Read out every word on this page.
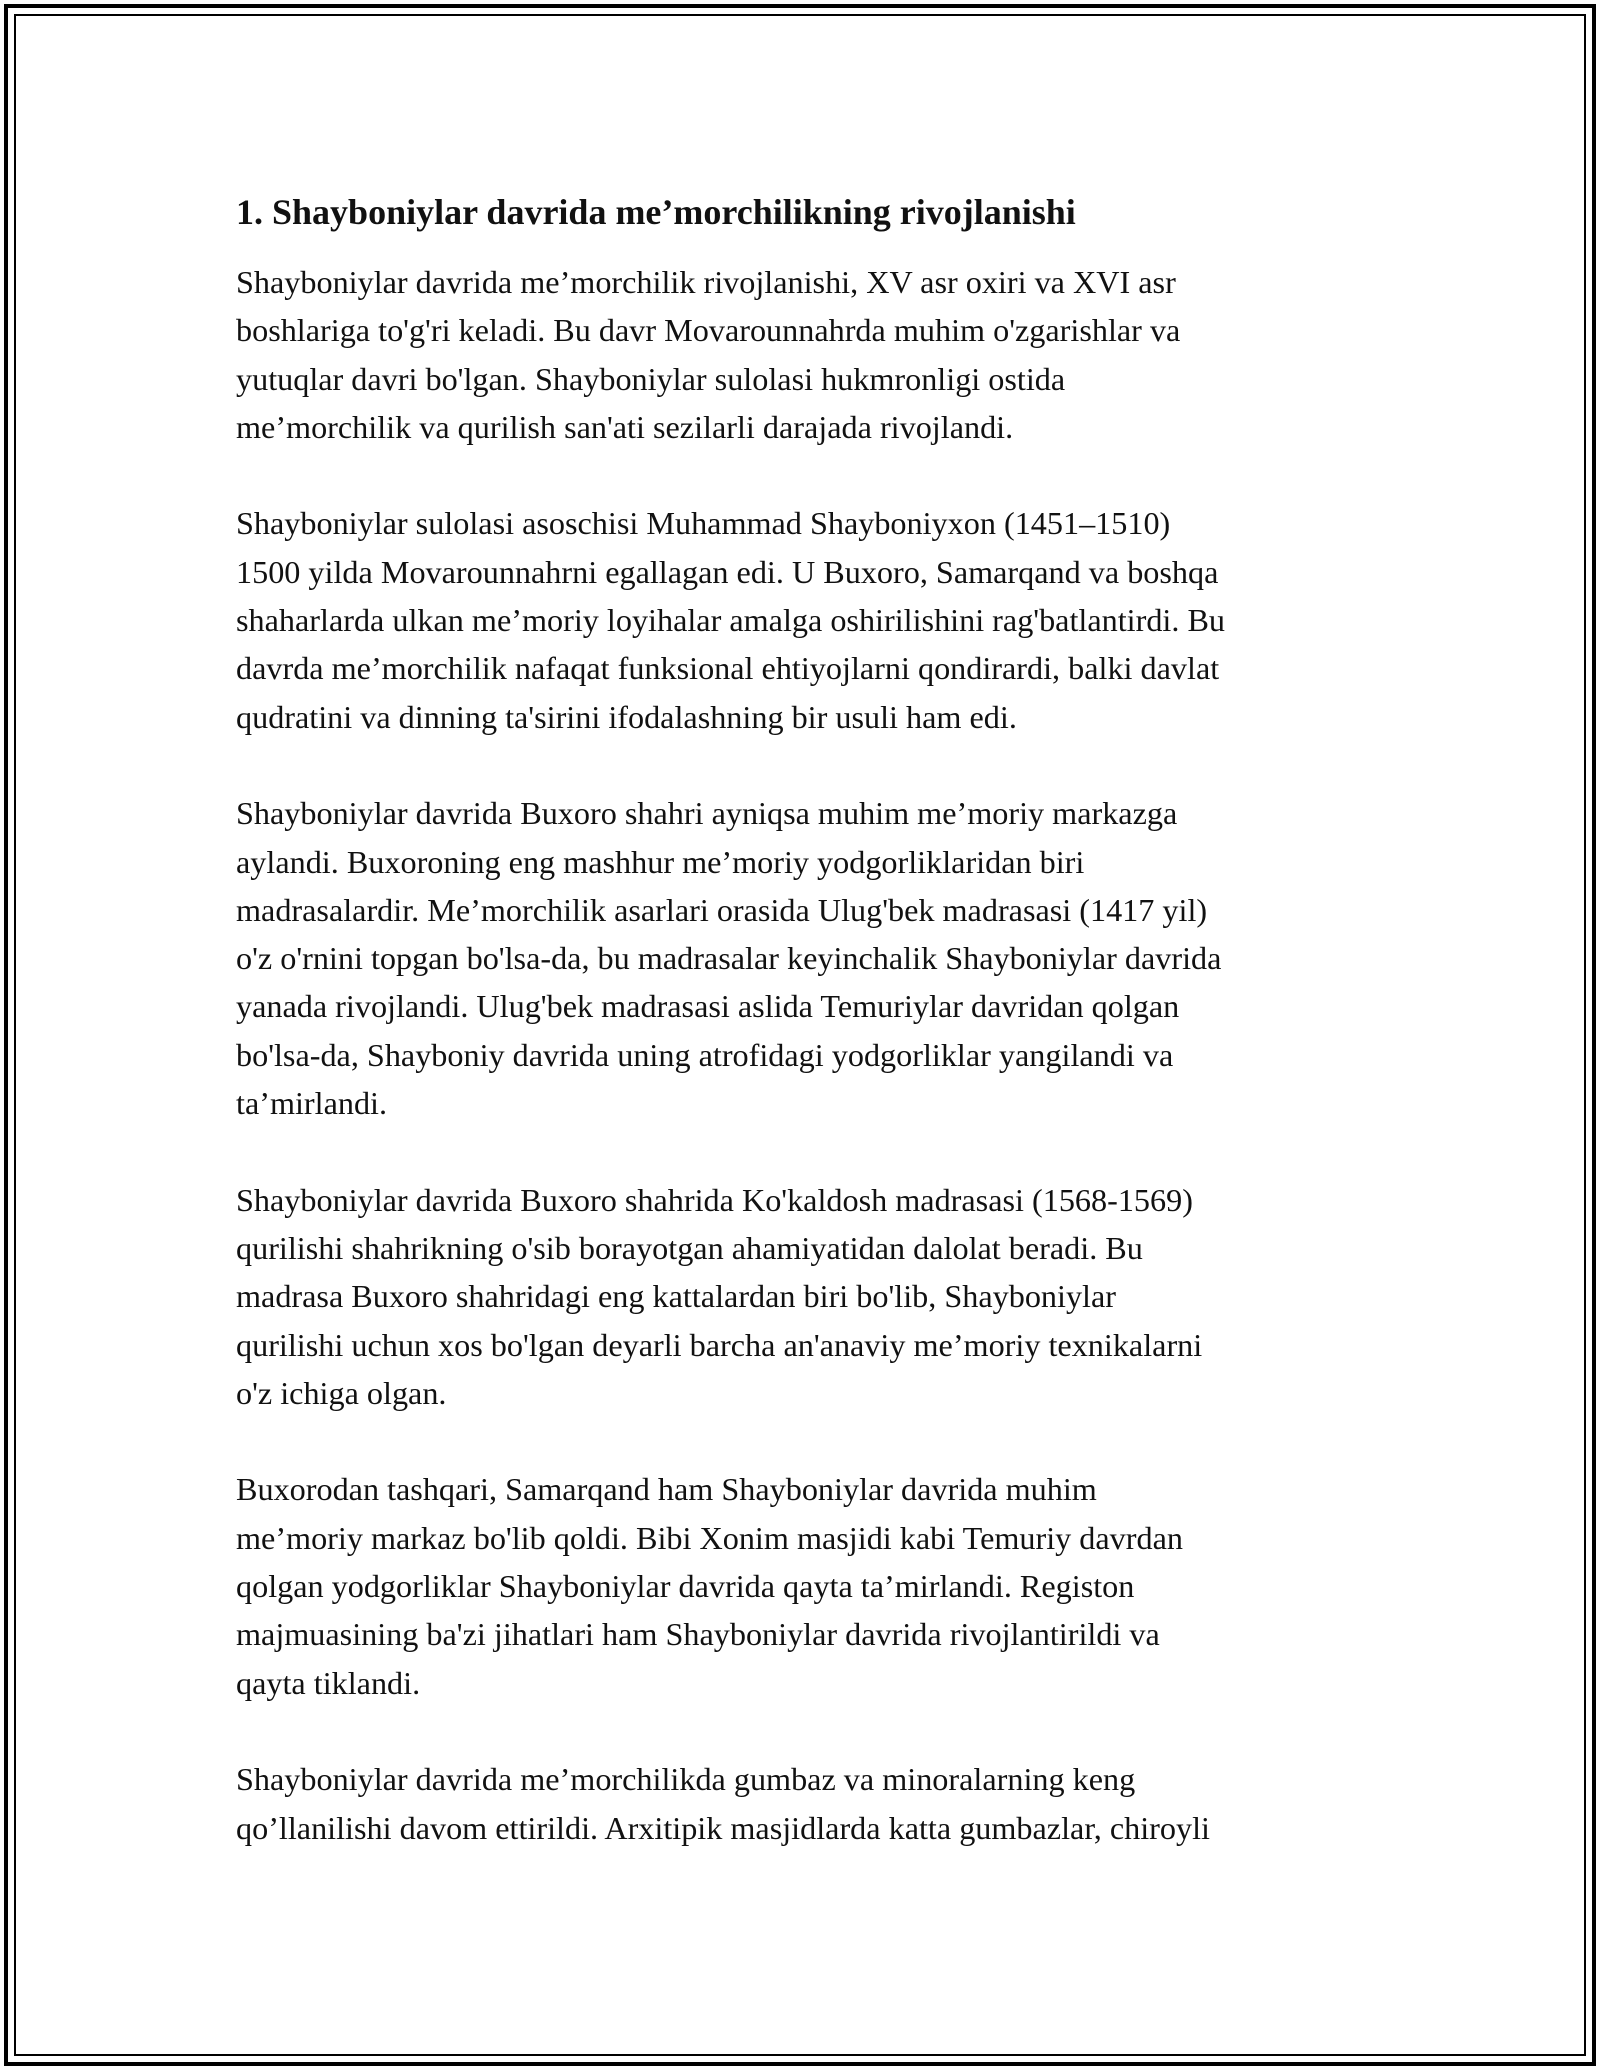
1. Shayboniylar davrida me’morchilikning rivojlanishi

Shayboniylar davrida me’morchilik rivojlanishi, XV asr oxiri va XVI asr
boshlariga to'g'ri keladi. Bu davr Movarounnahrda muhim o'zgarishlar va
yutuqlar davri bo'lgan. Shayboniylar sulolasi hukmronligi ostida
me’morchilik va qurilish san'ati sezilarli darajada rivojlandi.

Shayboniylar sulolasi asoschisi Muhammad Shayboniyxon (1451–1510)
1500 yilda Movarounnahrni egallagan edi. U Buxoro, Samarqand va boshqa
shaharlarda ulkan me’moriy loyihalar amalga oshirilishini rag'batlantirdi. Bu
davrda me’morchilik nafaqat funksional ehtiyojlarni qondirardi, balki davlat
qudratini va dinning ta'sirini ifodalashning bir usuli ham edi.

Shayboniylar davrida Buxoro shahri ayniqsa muhim me’moriy markazga
aylandi. Buxoroning eng mashhur me’moriy yodgorliklaridan biri
madrasalardir. Me’morchilik asarlari orasida Ulug'bek madrasasi (1417 yil)
o'z o'rnini topgan bo'lsa-da, bu madrasalar keyinchalik Shayboniylar davrida
yanada rivojlandi. Ulug'bek madrasasi aslida Temuriylar davridan qolgan
bo'lsa-da, Shayboniy davrida uning atrofidagi yodgorliklar yangilandi va
ta’mirlandi.

Shayboniylar davrida Buxoro shahrida Ko'kaldosh madrasasi (1568-1569)
qurilishi shahrikning o'sib borayotgan ahamiyatidan dalolat beradi. Bu
madrasa Buxoro shahridagi eng kattalardan biri bo'lib, Shayboniylar
qurilishi uchun xos bo'lgan deyarli barcha an'anaviy me’moriy texnikalarni
o'z ichiga olgan.

Buxorodan tashqari, Samarqand ham Shayboniylar davrida muhim
me’moriy markaz bo'lib qoldi. Bibi Xonim masjidi kabi Temuriy davrdan
qolgan yodgorliklar Shayboniylar davrida qayta ta’mirlandi. Registon
majmuasining ba'zi jihatlari ham Shayboniylar davrida rivojlantirildi va
qayta tiklandi.

Shayboniylar davrida me’morchilikda gumbaz va minoralarning keng
qo’llanilishi davom ettirildi. Arxitipik masjidlarda katta gumbazlar, chiroyli
